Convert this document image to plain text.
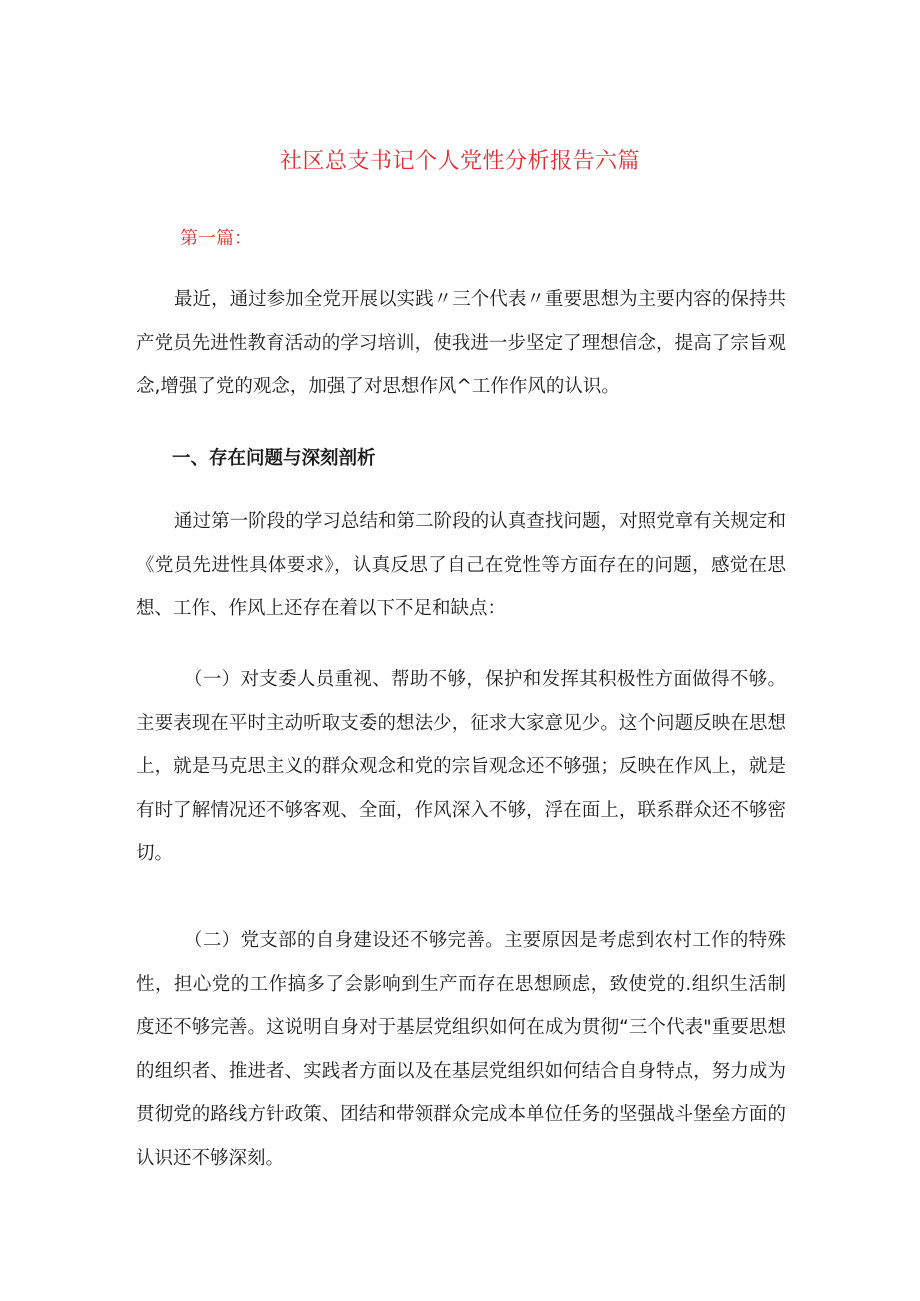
社区总支书记个人党性分析报告六篇
第一篇：

最近，通过参加全党开展以实践〃三个代表〃重要思想为主要内容的保持共产党员先进性教育活动的学习培训，使我进一步坚定了理想信念，提高了宗旨观念,增强了党的观念，加强了对思想作风^工作作风的认识。

一、存在问题与深刻剖析

通过第一阶段的学习总结和第二阶段的认真查找问题，对照党章有关规定和《党员先进性具体要求》，认真反思了自己在党性等方面存在的问题，感觉在思想、工作、作风上还存在着以下不足和缺点：

（一）对支委人员重视、帮助不够，保护和发挥其积极性方面做得不够。主要表现在平时主动听取支委的想法少，征求大家意见少。这个问题反映在思想上，就是马克思主义的群众观念和党的宗旨观念还不够强；反映在作风上，就是有时了解情况还不够客观、全面，作风深入不够，浮在面上，联系群众还不够密切。

（二）党支部的自身建设还不够完善。主要原因是考虑到农村工作的特殊性，担心党的工作搞多了会影响到生产而存在思想顾虑，致使党的.组织生活制度还不够完善。这说明自身对于基层党组织如何在成为贯彻“三个代表"重要思想的组织者、推进者、实践者方面以及在基层党组织如何结合自身特点，努力成为贯彻党的路线方针政策、团结和带领群众完成本单位任务的坚强战斗堡垒方面的认识还不够深刻。
